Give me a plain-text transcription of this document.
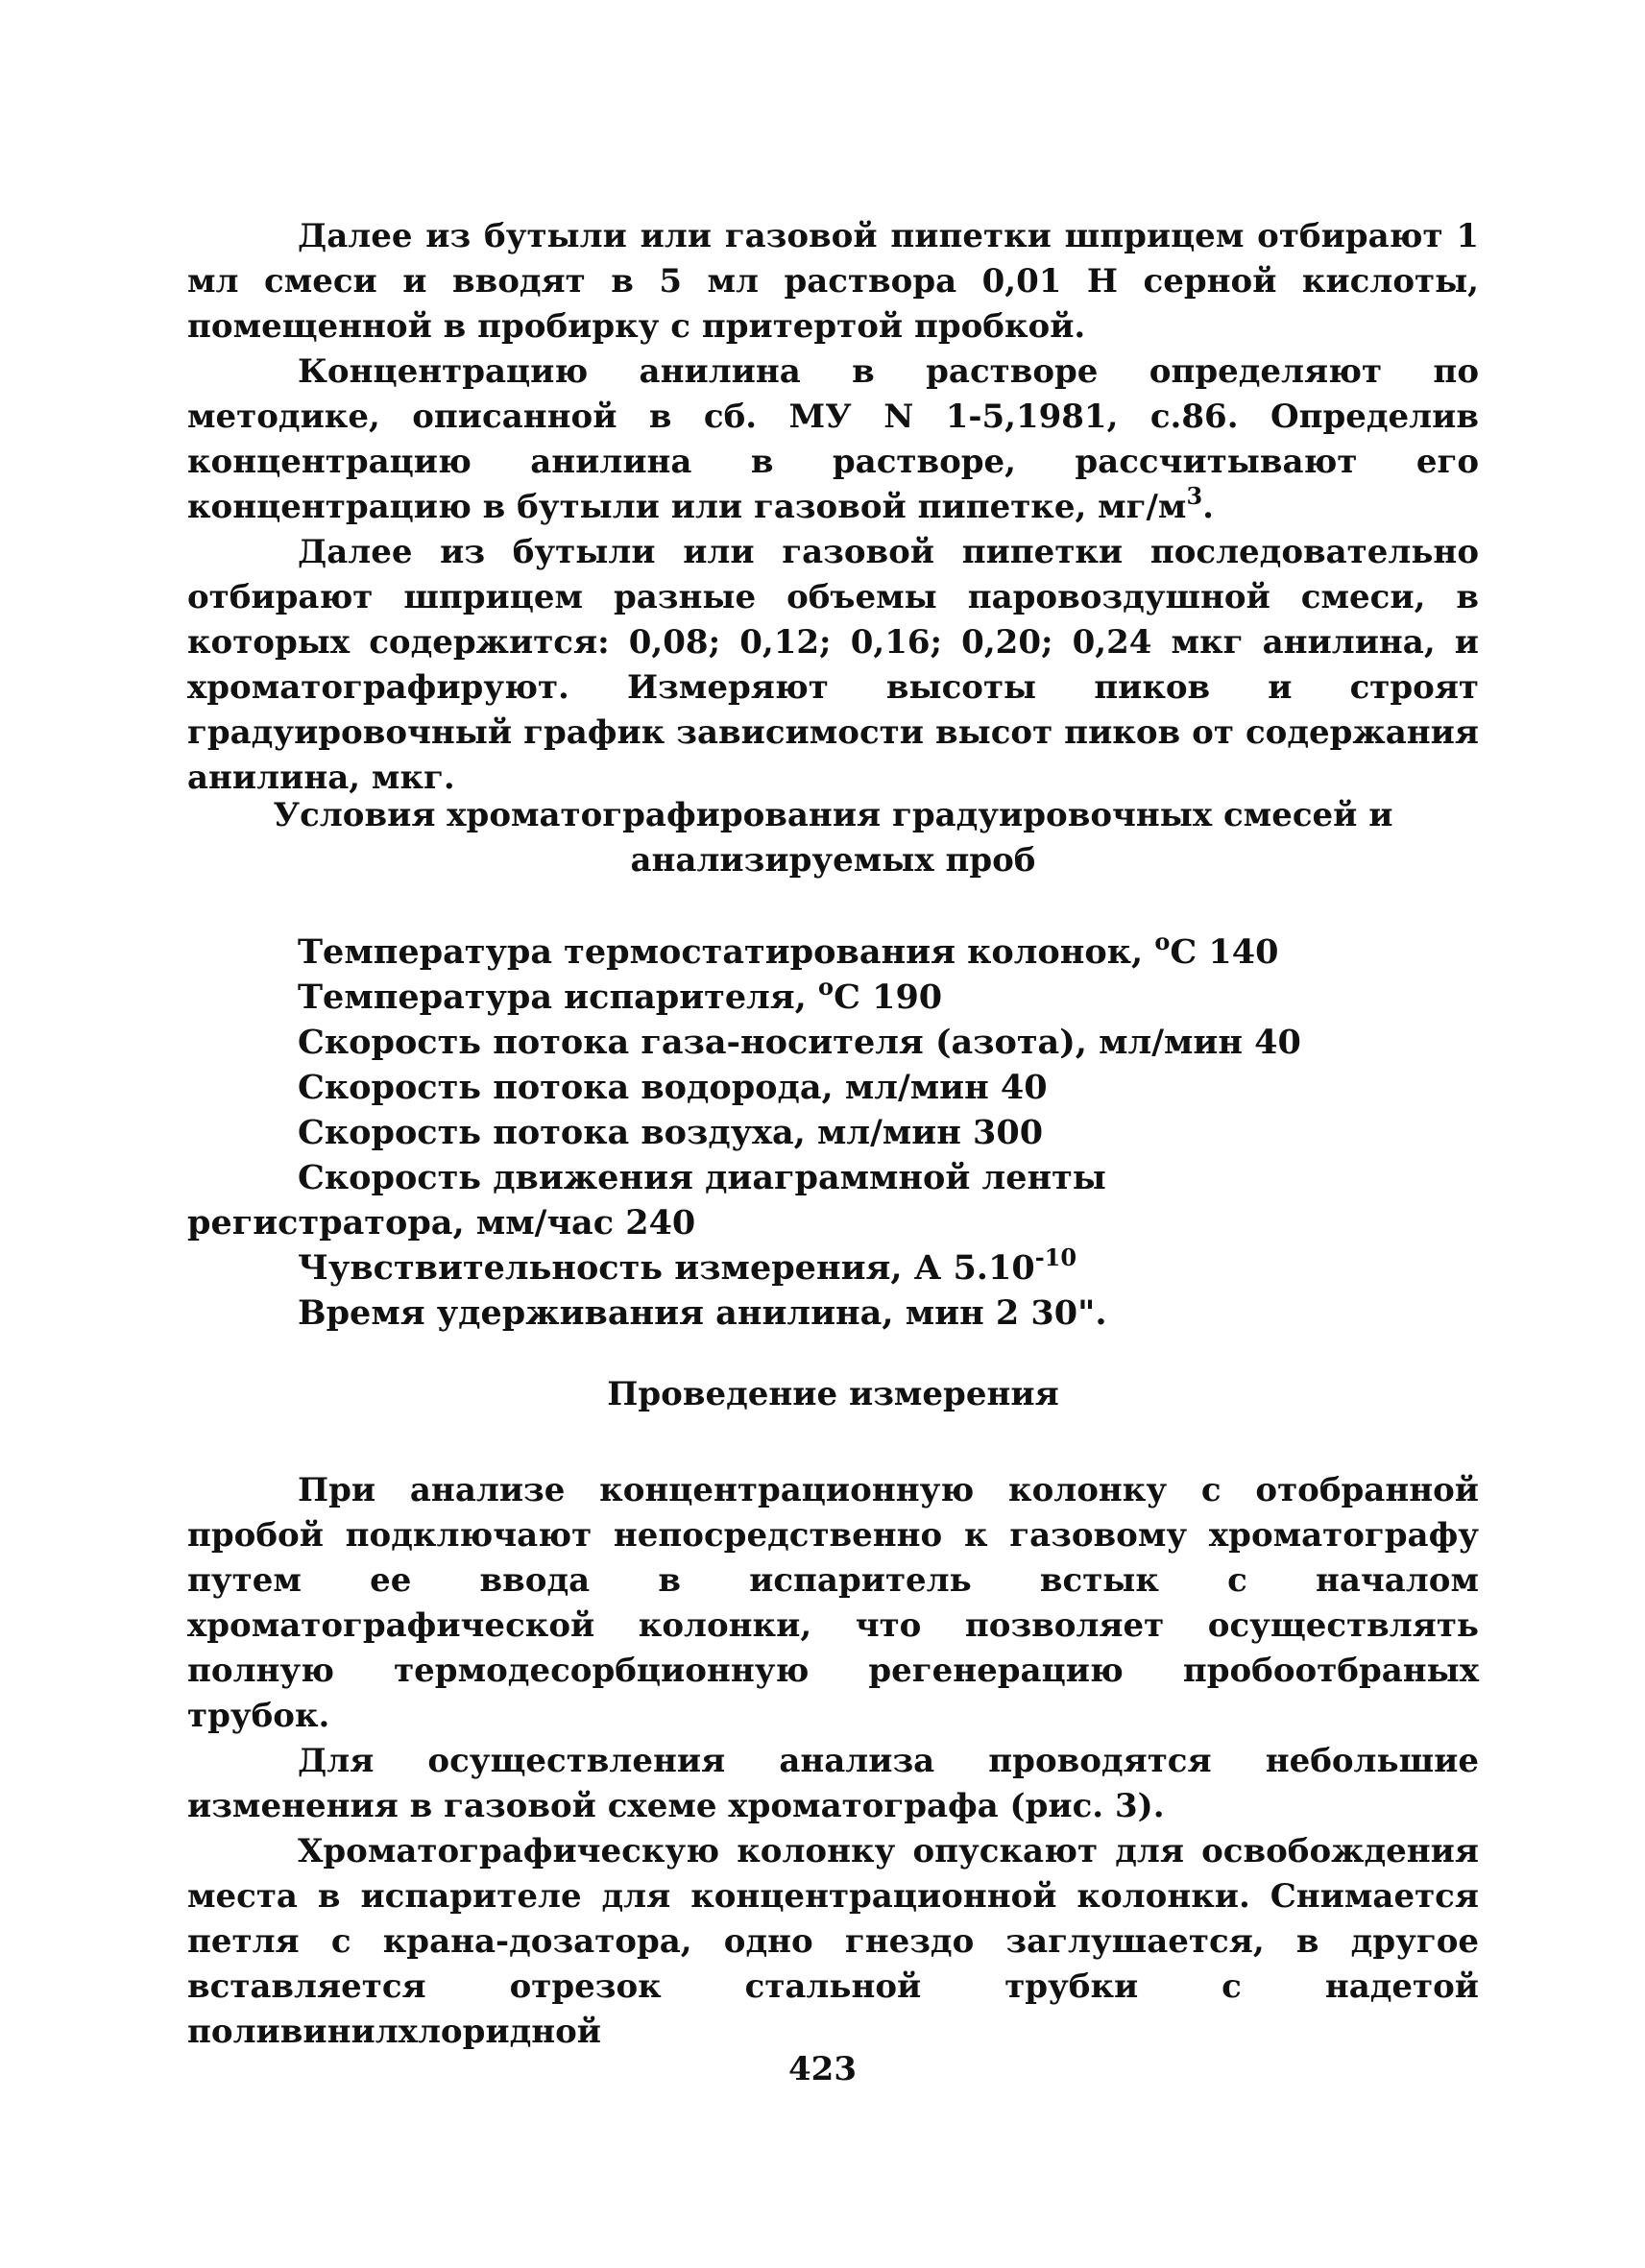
Далее из бутыли или газовой пипетки шприцем отбирают 1 мл смеси и вводят в 5 мл раствора 0,01 Н серной кислоты, помещенной в пробирку с притертой пробкой.

Концентрацию анилина в растворе определяют по методике, описанной в сб. МУ N 1-5,1981, с.86. Определив концентрацию анилина в растворе, рассчитывают его концентрацию в бутыли или газовой пипетке, $мг/м^3$.

Далее из бутыли или газовой пипетки последовательно отбирают шприцем разные объемы паровоздушной смеси, в которых содержится: 0,08; 0,12; 0,16; 0,20; 0,24 мкг анилина, и хроматографируют. Измеряют высоты пиков и строят градуировочный график зависимости высот пиков от содержания анилина, мкг.

Условия хроматографирования градуировочных смесей и
анализируемых проб
Температура термостатирования колонок, $^о$С 140
Температура испарителя, $^о$С 190
Скорость потока газа-носителя (азота), мл/мин 40
Скорость потока водорода, мл/мин 40
Скорость потока воздуха, мл/мин 300
Скорость движения диаграммной ленты
регистратора, мм/час 240
Чувствительность измерения, А $5.10^{-10}$
Время удерживания анилина, мин 2 30".
Проведение измерения

При анализе концентрационную колонку с отобранной пробой подключают непосредственно к газовому хроматографу путем ее ввода в испаритель встык с началом хроматографической колонки, что позволяет осуществлять полную термодесорбционную регенерацию пробоотбраных трубок.

Для осуществления анализа проводятся небольшие изменения в газовой схеме хроматографа (рис. 3).

Хроматографическую колонку опускают для освобождения места в испарителе для концентрационной колонки. Снимается петля с крана-дозатора, одно гнездо заглушается, в другое вставляется отрезок стальной трубки с надетой поливинилхлоридной

423
